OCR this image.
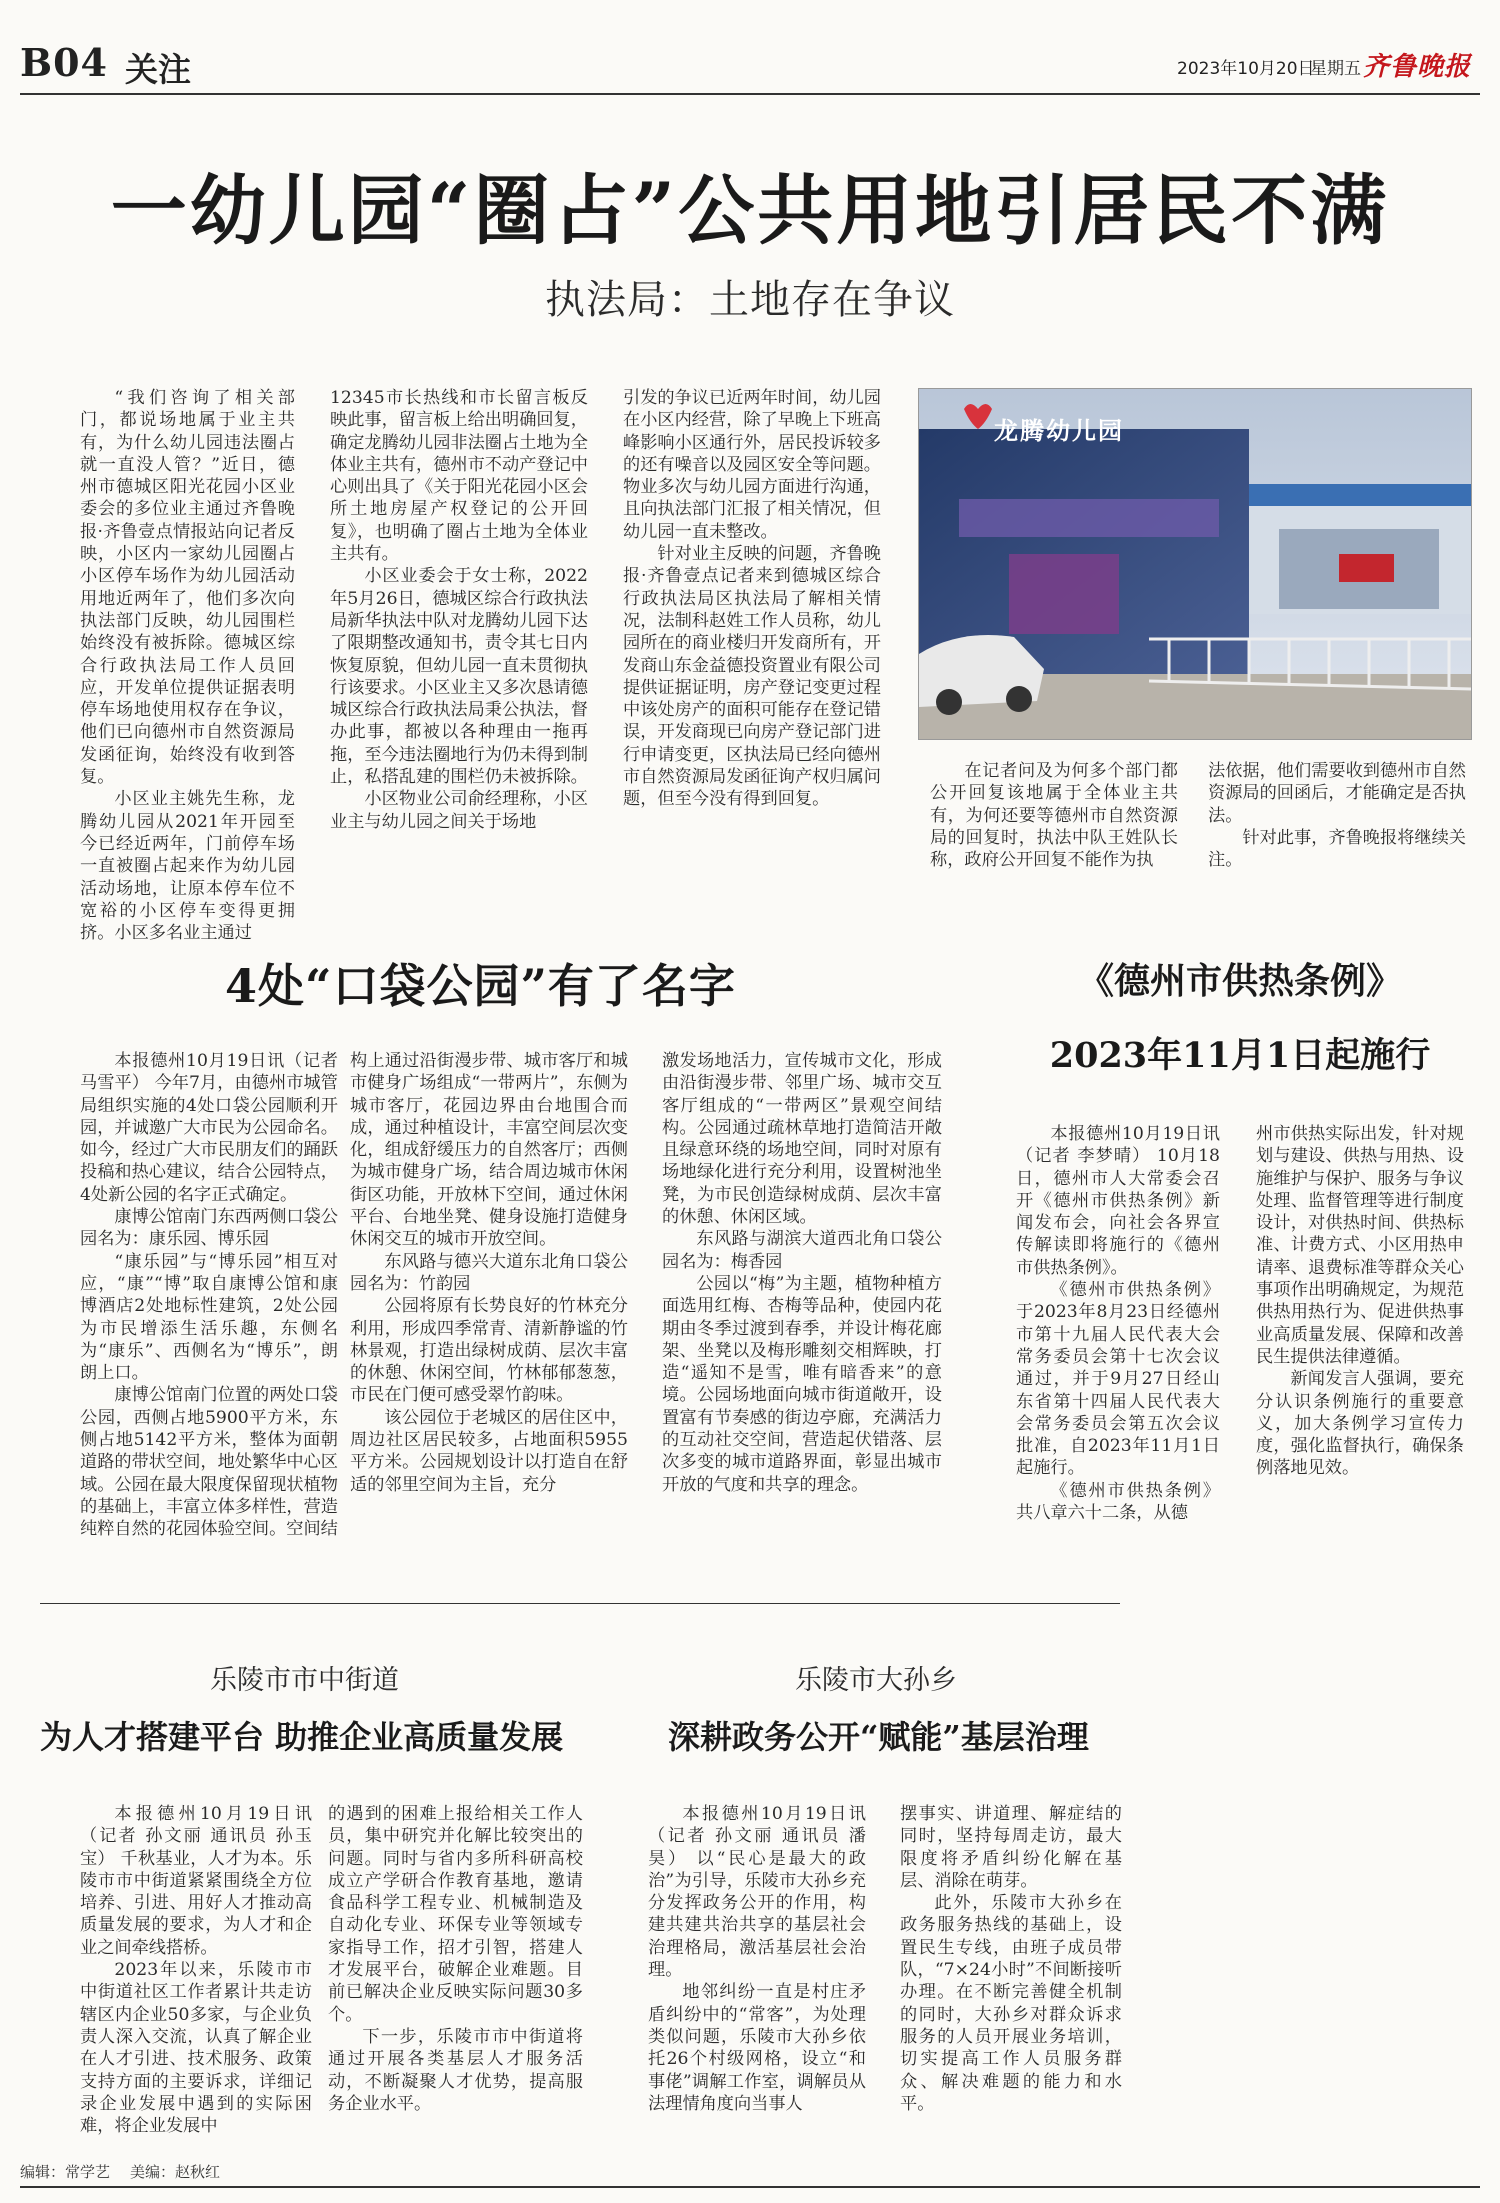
B04 关注	2023年10月20日
星期五 齐鲁晚报
一幼儿园“圈占”公共用地引居民不满
执法局：土地存在争议

“我们咨询了相关部门，都说场地属于业主共有，为什么幼儿园违法圈占就一直没人管？”近日，德州市德城区阳光花园小区业委会的多位业主通过齐鲁晚报·齐鲁壹点情报站向记者反映，小区内一家幼儿园圈占小区停车场作为幼儿园活动用地近两年了，他们多次向执法部门反映，幼儿园围栏始终没有被拆除。德城区综合行政执法局工作人员回应，开发单位提供证据表明停车场地使用权存在争议，他们已向德州市自然资源局发函征询，始终没有收到答复。

小区业主姚先生称，龙腾幼儿园从2021年开园至今已经近两年，门前停车场一直被圈占起来作为幼儿园活动场地，让原本停车位不宽裕的小区停车变得更拥挤。小区多名业主通过

12345市长热线和市长留言板反映此事，留言板上给出明确回复，确定龙腾幼儿园非法圈占土地为全体业主共有，德州市不动产登记中心则出具了《关于阳光花园小区会所土地房屋产权登记的公开回复》，也明确了圈占土地为全体业主共有。

小区业委会于女士称，2022年5月26日，德城区综合行政执法局新华执法中队对龙腾幼儿园下达了限期整改通知书，责令其七日内恢复原貌，但幼儿园一直未贯彻执行该要求。小区业主又多次恳请德城区综合行政执法局秉公执法，督办此事，都被以各种理由一拖再拖，至今违法圈地行为仍未得到制止，私搭乱建的围栏仍未被拆除。

小区物业公司俞经理称，小区业主与幼儿园之间关于场地

引发的争议已近两年时间，幼儿园在小区内经营，除了早晚上下班高峰影响小区通行外，居民投诉较多的还有噪音以及园区安全等问题。物业多次与幼儿园方面进行沟通，且向执法部门汇报了相关情况，但幼儿园一直未整改。

针对业主反映的问题，齐鲁晚报·齐鲁壹点记者来到德城区综合行政执法局区执法局了解相关情况，法制科赵姓工作人员称，幼儿园所在的商业楼归开发商所有，开发商山东金益德投资置业有限公司提供证据证明，房产登记变更过程中该处房产的面积可能存在登记错误，开发商现已向房产登记部门进行申请变更，区执法局已经向德州市自然资源局发函征询产权归属问题，但至今没有得到回复。

龙腾幼儿园

在记者问及为何多个部门都公开回复该地属于全体业主共有，为何还要等德州市自然资源局的回复时，执法中队王姓队长称，政府公开回复不能作为执

法依据，他们需要收到德州市自然资源局的回函后，才能确定是否执法。

针对此事，齐鲁晚报将继续关注。

4处“口袋公园”有了名字

本报德州10月19日讯（记者 马雪平） 今年7月，由德州市城管局组织实施的4处口袋公园顺利开园，并诚邀广大市民为公园命名。如今，经过广大市民朋友们的踊跃投稿和热心建议，结合公园特点，4处新公园的名字正式确定。

康博公馆南门东西两侧口袋公园名为：康乐园、博乐园

“康乐园”与“博乐园”相互对应，“康”“博”取自康博公馆和康博酒店2处地标性建筑，2处公园为市民增添生活乐趣，东侧名为“康乐”、西侧名为“博乐”，朗朗上口。

康博公馆南门位置的两处口袋公园，西侧占地5900平方米，东侧占地5142平方米，整体为面朝道路的带状空间，地处繁华中心区域。公园在最大限度保留现状植物的基础上，丰富立体多样性，营造纯粹自然的花园体验空间。空间结

构上通过沿街漫步带、城市客厅和城市健身广场组成“一带两片”，东侧为城市客厅，花园边界由台地围合而成，通过种植设计，丰富空间层次变化，组成舒缓压力的自然客厅；西侧为城市健身广场，结合周边城市休闲街区功能，开放林下空间，通过休闲平台、台地坐凳、健身设施打造健身休闲交互的城市开放空间。

东风路与德兴大道东北角口袋公园名为：竹韵园

公园将原有长势良好的竹林充分利用，形成四季常青、清新静谧的竹林景观，打造出绿树成荫、层次丰富的休憩、休闲空间，竹林郁郁葱葱，市民在门便可感受翠竹韵味。

该公园位于老城区的居住区中，周边社区居民较多，占地面积5955平方米。公园规划设计以打造自在舒适的邻里空间为主旨，充分

激发场地活力，宣传城市文化，形成由沿街漫步带、邻里广场、城市交互客厅组成的“一带两区”景观空间结构。公园通过疏林草地打造简洁开敞且绿意环绕的场地空间，同时对原有场地绿化进行充分利用，设置树池坐凳，为市民创造绿树成荫、层次丰富的休憩、休闲区域。

东风路与湖滨大道西北角口袋公园名为：梅香园

公园以“梅”为主题，植物种植方面选用红梅、杏梅等品种，使园内花期由冬季过渡到春季，并设计梅花廊架、坐凳以及梅形雕刻交相辉映，打造“遥知不是雪，唯有暗香来”的意境。公园场地面向城市街道敞开，设置富有节奏感的街边亭廊，充满活力的互动社交空间，营造起伏错落、层次多变的城市道路界面，彰显出城市开放的气度和共享的理念。

《德州市供热条例》
2023年11月1日起施行

本报德州10月19日讯（记者 李梦晴） 10月18日，德州市人大常委会召开《德州市供热条例》新闻发布会，向社会各界宣传解读即将施行的《德州市供热条例》。

《德州市供热条例》于2023年8月23日经德州市第十九届人民代表大会常务委员会第十七次会议通过，并于9月27日经山东省第十四届人民代表大会常务委员会第五次会议批准，自2023年11月1日起施行。

《德州市供热条例》共八章六十二条，从德

州市供热实际出发，针对规划与建设、供热与用热、设施维护与保护、服务与争议处理、监督管理等进行制度设计，对供热时间、供热标准、计费方式、小区用热申请率、退费标准等群众关心事项作出明确规定，为规范供热用热行为、促进供热事业高质量发展、保障和改善民生提供法律遵循。

新闻发言人强调，要充分认识条例施行的重要意义，加大条例学习宣传力度，强化监督执行，确保条例落地见效。

乐陵市市中街道
为人才搭建平台 助推企业高质量发展

本报德州10月19日讯（记者 孙文丽 通讯员 孙玉宝） 千秋基业，人才为本。乐陵市市中街道紧紧围绕全方位培养、引进、用好人才推动高质量发展的要求，为人才和企业之间牵线搭桥。

2023年以来，乐陵市市中街道社区工作者累计共走访辖区内企业50多家，与企业负责人深入交流，认真了解企业在人才引进、技术服务、政策支持方面的主要诉求，详细记录企业发展中遇到的实际困难，将企业发展中

的遇到的困难上报给相关工作人员，集中研究并化解比较突出的问题。同时与省内多所科研高校成立产学研合作教育基地，邀请食品科学工程专业、机械制造及自动化专业、环保专业等领域专家指导工作，招才引智，搭建人才发展平台，破解企业难题。目前已解决企业反映实际问题30多个。

下一步，乐陵市市中街道将通过开展各类基层人才服务活动，不断凝聚人才优势，提高服务企业水平。

乐陵市大孙乡
深耕政务公开“赋能”基层治理

本报德州10月19日讯（记者 孙文丽 通讯员 潘昊） 以“民心是最大的政治”为引导，乐陵市大孙乡充分发挥政务公开的作用，构建共建共治共享的基层社会治理格局，激活基层社会治理。

地邻纠纷一直是村庄矛盾纠纷中的“常客”，为处理类似问题，乐陵市大孙乡依托26个村级网格，设立“和事佬”调解工作室，调解员从法理情角度向当事人

摆事实、讲道理、解症结的同时，坚持每周走访，最大限度将矛盾纠纷化解在基层、消除在萌芽。

此外，乐陵市大孙乡在政务服务热线的基础上，设置民生专线，由班子成员带队，“7×24小时”不间断接听办理。在不断完善健全机制的同时，大孙乡对群众诉求服务的人员开展业务培训，切实提高工作人员服务群众、解决难题的能力和水平。

编辑：常学艺 美编：赵秋红
